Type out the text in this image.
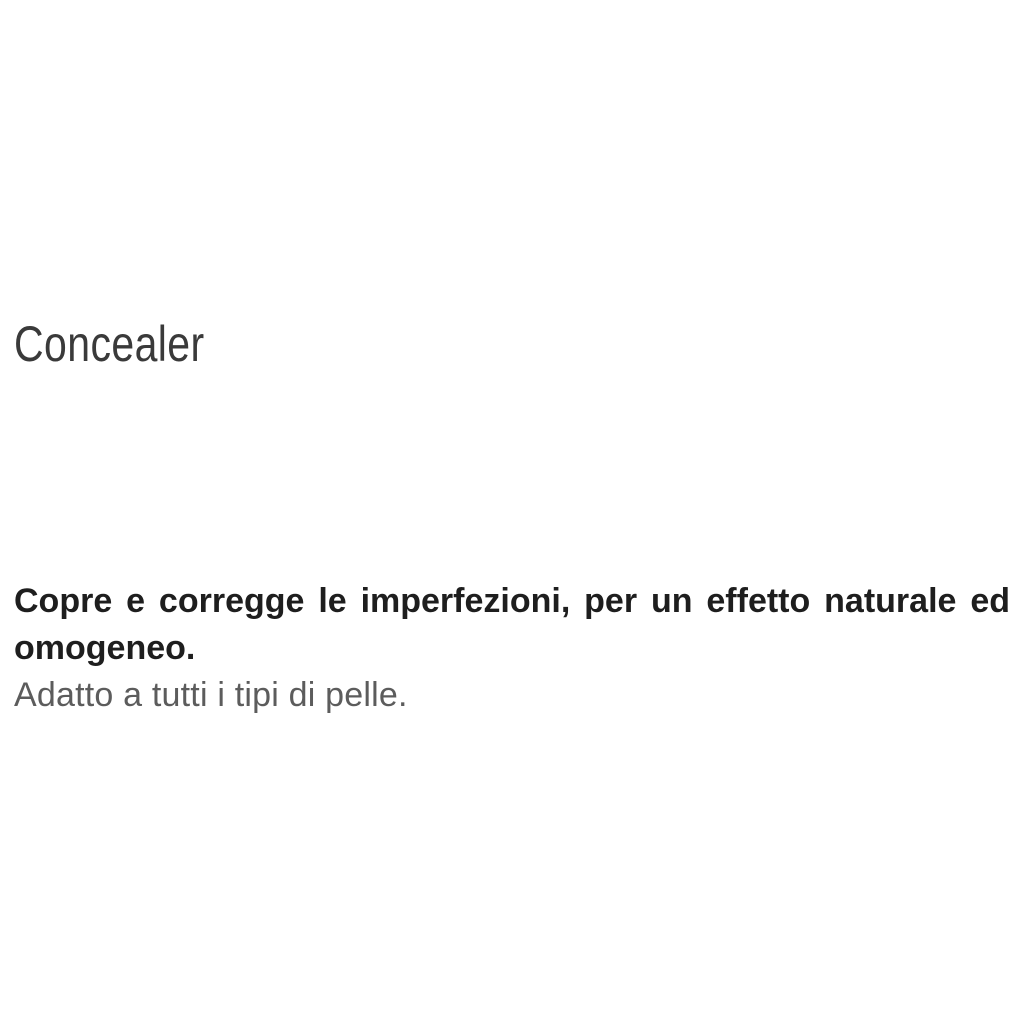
Concealer

Copre e corregge le imperfezioni, per un effetto naturale ed

omogeneo.

Adatto a tutti i tipi di pelle.
